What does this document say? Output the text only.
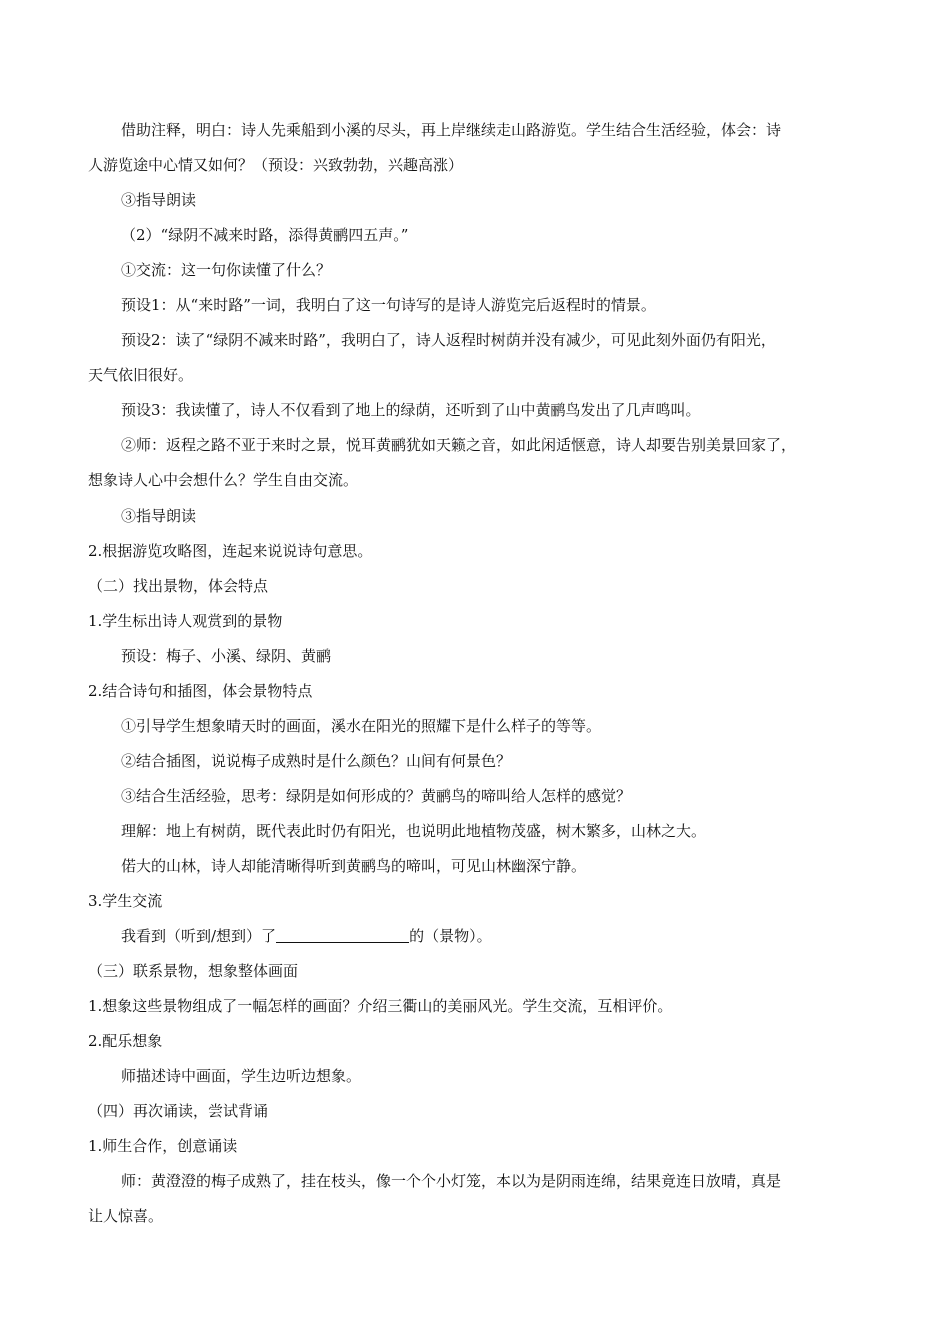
借助注释，明白：诗人先乘船到小溪的尽头，再上岸继续走山路游览。学生结合生活经验，体会：诗
人游览途中心情又如何？（预设：兴致勃勃，兴趣高涨）
③指导朗读
（2）“绿阴不减来时路，添得黄鹂四五声。”
①交流：这一句你读懂了什么？
预设1：从“来时路”一词，我明白了这一句诗写的是诗人游览完后返程时的情景。
预设2：读了“绿阴不减来时路”，我明白了，诗人返程时树荫并没有减少，可见此刻外面仍有阳光，
天气依旧很好。
预设3：我读懂了，诗人不仅看到了地上的绿荫，还听到了山中黄鹂鸟发出了几声鸣叫。
②师：返程之路不亚于来时之景，悦耳黄鹂犹如天籁之音，如此闲适惬意，诗人却要告别美景回家了，
想象诗人心中会想什么？学生自由交流。
③指导朗读
2.根据游览攻略图，连起来说说诗句意思。
（二）找出景物，体会特点
1.学生标出诗人观赏到的景物
预设：梅子、小溪、绿阴、黄鹂
2.结合诗句和插图，体会景物特点
①引导学生想象晴天时的画面，溪水在阳光的照耀下是什么样子的等等。
②结合插图，说说梅子成熟时是什么颜色？山间有何景色？
③结合生活经验，思考：绿阴是如何形成的？黄鹂鸟的啼叫给人怎样的感觉？
理解：地上有树荫，既代表此时仍有阳光，也说明此地植物茂盛，树木繁多，山林之大。
偌大的山林，诗人却能清晰得听到黄鹂鸟的啼叫，可见山林幽深宁静。
3.学生交流
我看到（听到/想到）了	的（景物）。
（三）联系景物，想象整体画面
1.想象这些景物组成了一幅怎样的画面？介绍三衢山的美丽风光。学生交流，互相评价。
2.配乐想象
师描述诗中画面，学生边听边想象。
（四）再次诵读，尝试背诵
1.师生合作，创意诵读
师：黄澄澄的梅子成熟了，挂在枝头，像一个个小灯笼，本以为是阴雨连绵，结果竟连日放晴，真是
让人惊喜。
